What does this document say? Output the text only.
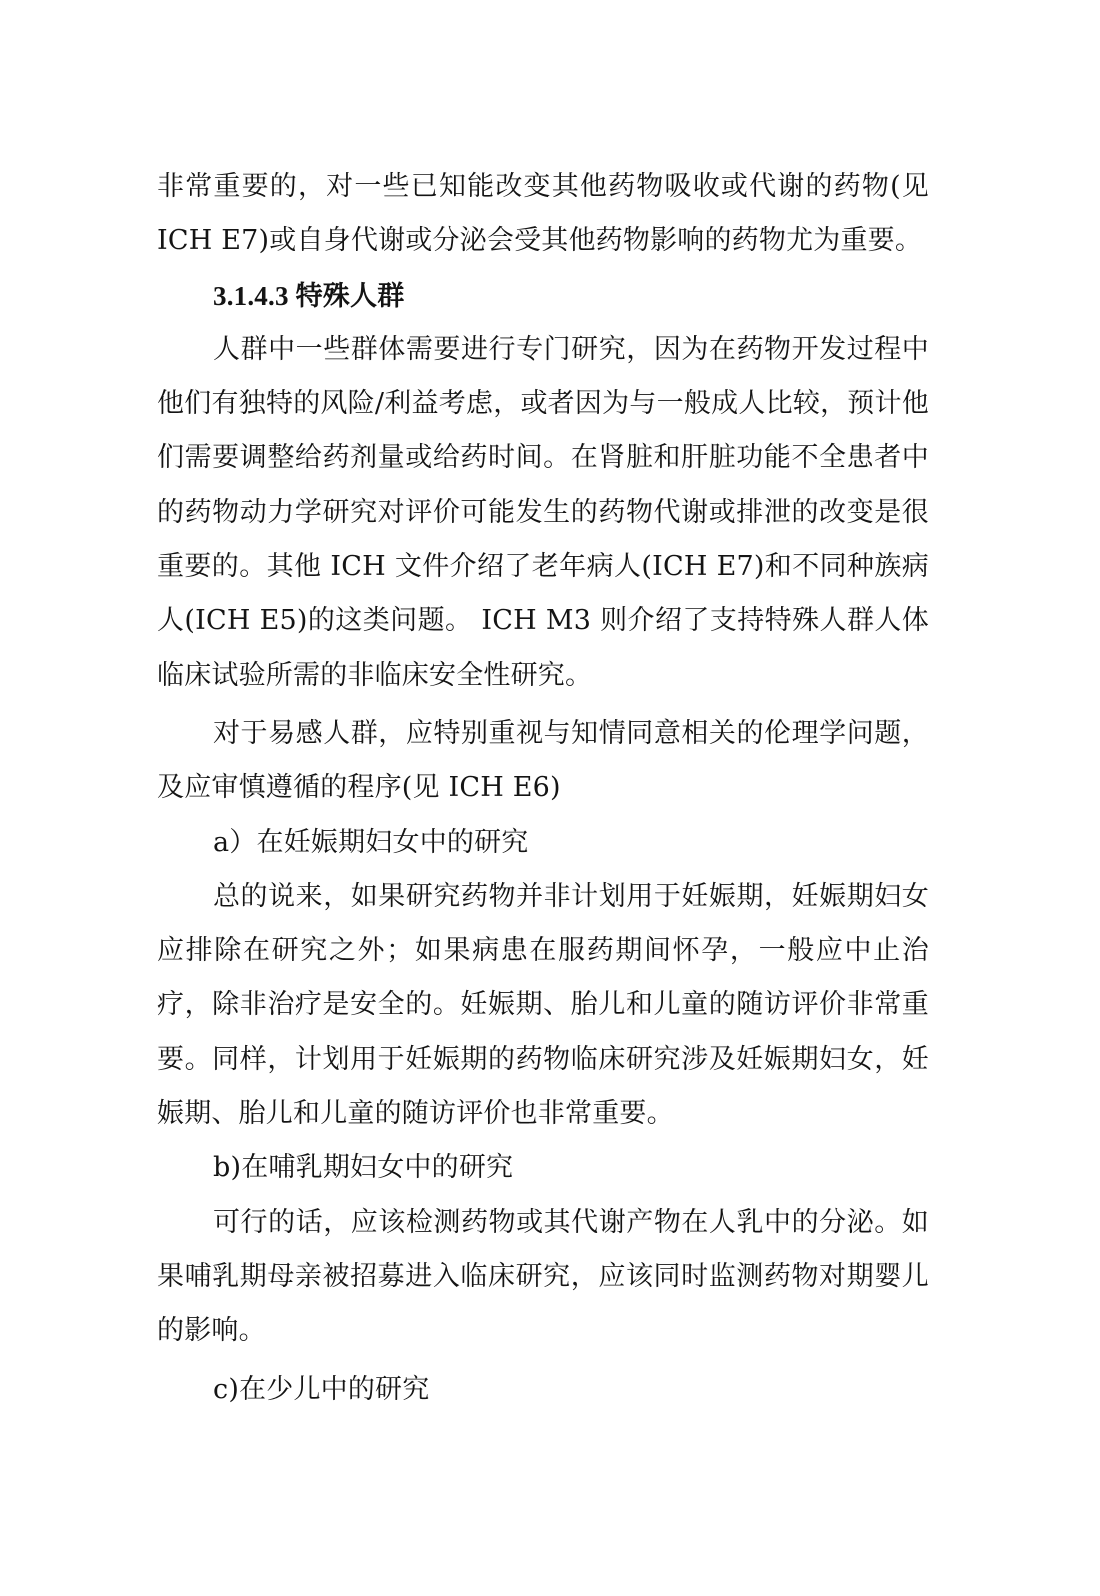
非常重要的，对一些已知能改变其他药物吸收或代谢的药物(见ICH E7)或自身代谢或分泌会受其他药物影响的药物尤为重要。

3.1.4.3 特殊人群

人群中一些群体需要进行专门研究，因为在药物开发过程中他们有独特的风险/利益考虑，或者因为与一般成人比较，预计他们需要调整给药剂量或给药时间。在肾脏和肝脏功能不全患者中的药物动力学研究对评价可能发生的药物代谢或排泄的改变是很重要的。其他 ICH 文件介绍了老年病人(ICH E7)和不同种族病人(ICH E5)的这类问题。 ICH M3 则介绍了支持特殊人群人体临床试验所需的非临床安全性研究。

对于易感人群，应特别重视与知情同意相关的伦理学问题，及应审慎遵循的程序(见 ICH E6)

a）在妊娠期妇女中的研究

总的说来，如果研究药物并非计划用于妊娠期，妊娠期妇女应排除在研究之外；如果病患在服药期间怀孕，一般应中止治疗，除非治疗是安全的。妊娠期、胎儿和儿童的随访评价非常重要。同样，计划用于妊娠期的药物临床研究涉及妊娠期妇女，妊娠期、胎儿和儿童的随访评价也非常重要。

b)在哺乳期妇女中的研究

可行的话，应该检测药物或其代谢产物在人乳中的分泌。如果哺乳期母亲被招募进入临床研究，应该同时监测药物对期婴儿的影响。

c)在少儿中的研究
